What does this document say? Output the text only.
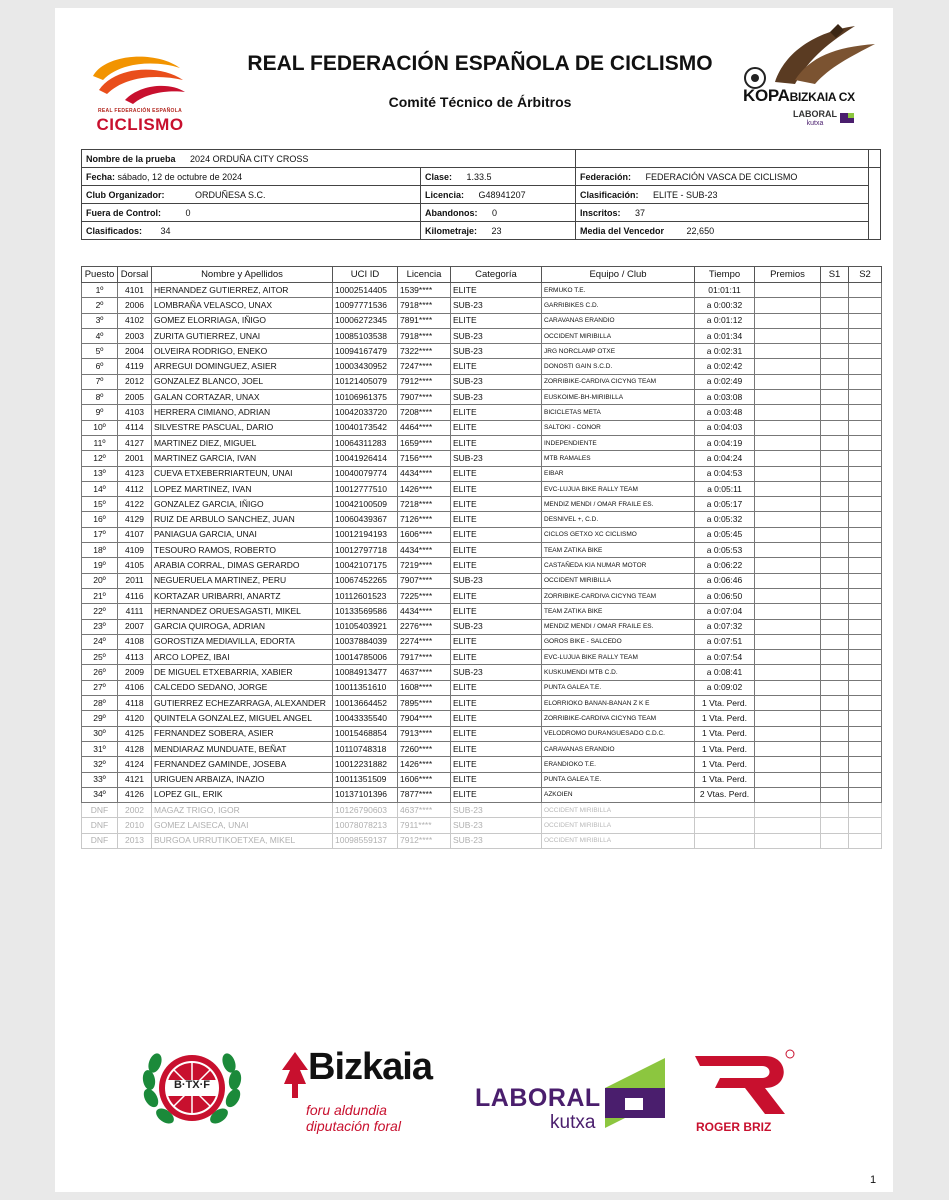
REAL FEDERACIÓN ESPAÑOLA
CICLISMO
REAL FEDERACIÓN ESPAÑOLA DE CICLISMO
Comité Técnico de Árbitros	KOPABIZKAIA CX
LABORAL
kutxa
Nombre de la prueba 2024 ORDUÑA CITY CROSS			
Fecha: sábado, 12 de octubre de 2024	Clase: 1.33.5	Federación: FEDERACIÓN VASCA DE CICLISMO	
Club Organizador: ORDUÑESA S.C.	Licencia: G48941207	Clasificación: ELITE - SUB-23	
Fuera de Control: 0	Abandonos: 0	Inscritos: 37	
Clasificados: 34	Kilometraje: 23	Media del Vencedor 22,650	
Puesto	Dorsal	Nombre y Apellidos	UCI ID	Licencia	Categoría	Equipo / Club	Tiempo	Premios	S1	S2
1º	4101	HERNANDEZ GUTIERREZ, AITOR	10002514405	1539****	ELITE	ERMUKO T.E.	01:01:11			
2º	2006	LOMBRAÑA VELASCO, UNAX	10097771536	7918****	SUB-23	GARRIBIKES C.D.	a 0:00:32			
3º	4102	GOMEZ ELORRIAGA, IÑIGO	10006272345	7891****	ELITE	CARAVANAS ERANDIO	a 0:01:12			
4º	2003	ZURITA GUTIERREZ, UNAI	10085103538	7918****	SUB-23	OCCIDENT MIRIBILLA	a 0:01:34			
5º	2004	OLVEIRA RODRIGO, ENEKO	10094167479	7322****	SUB-23	JRG NORCLAMP OTXE	a 0:02:31			
6º	4119	ARREGUI DOMINGUEZ, ASIER	10003430952	7247****	ELITE	DONOSTI GAIN S.C.D.	a 0:02:42			
7º	2012	GONZALEZ BLANCO, JOEL	10121405079	7912****	SUB-23	ZORRIBIKE-CARDIVA CICYNG TEAM	a 0:02:49			
8º	2005	GALAN CORTAZAR, UNAX	10106961375	7907****	SUB-23	EUSKOIME-BH-MIRIBILLA	a 0:03:08			
9º	4103	HERRERA CIMIANO, ADRIAN	10042033720	7208****	ELITE	BICICLETAS META	a 0:03:48			
10º	4114	SILVESTRE PASCUAL, DARIO	10040173542	4464****	ELITE	SALTOKI - CONOR	a 0:04:03			
11º	4127	MARTINEZ DIEZ, MIGUEL	10064311283	1659****	ELITE	INDEPENDIENTE	a 0:04:19			
12º	2001	MARTINEZ GARCIA, IVAN	10041926414	7156****	SUB-23	MTB RAMALES	a 0:04:24			
13º	4123	CUEVA ETXEBERRIARTEUN, UNAI	10040079774	4434****	ELITE	EIBAR	a 0:04:53			
14º	4112	LOPEZ MARTINEZ, IVAN	10012777510	1426****	ELITE	EVC-LUJUA BIKE RALLY TEAM	a 0:05:11			
15º	4122	GONZALEZ GARCIA, IÑIGO	10042100509	7218****	ELITE	MENDIZ MENDI / OMAR FRAILE ES.	a 0:05:17			
16º	4129	RUIZ DE ARBULO SANCHEZ, JUAN	10060439367	7126****	ELITE	DESNIVEL +, C.D.	a 0:05:32			
17º	4107	PANIAGUA GARCIA, UNAI	10012194193	1606****	ELITE	CICLOS GETXO XC CICLISMO	a 0:05:45			
18º	4109	TESOURO RAMOS, ROBERTO	10012797718	4434****	ELITE	TEAM ZATIKA BIKE	a 0:05:53			
19º	4105	ARABIA CORRAL, DIMAS GERARDO	10042107175	7219****	ELITE	CASTAÑEDA KIA NUMAR MOTOR	a 0:06:22			
20º	2011	NEGUERUELA MARTINEZ, PERU	10067452265	7907****	SUB-23	OCCIDENT MIRIBILLA	a 0:06:46			
21º	4116	KORTAZAR URIBARRI, ANARTZ	10112601523	7225****	ELITE	ZORRIBIKE-CARDIVA CICYNG TEAM	a 0:06:50			
22º	4111	HERNANDEZ ORUESAGASTI, MIKEL	10133569586	4434****	ELITE	TEAM ZATIKA BIKE	a 0:07:04			
23º	2007	GARCIA QUIROGA, ADRIAN	10105403921	2276****	SUB-23	MENDIZ MENDI / OMAR FRAILE ES.	a 0:07:32			
24º	4108	GOROSTIZA MEDIAVILLA, EDORTA	10037884039	2274****	ELITE	GOROS BIKE - SALCEDO	a 0:07:51			
25º	4113	ARCO LOPEZ, IBAI	10014785006	7917****	ELITE	EVC-LUJUA BIKE RALLY TEAM	a 0:07:54			
26º	2009	DE MIGUEL ETXEBARRIA, XABIER	10084913477	4637****	SUB-23	KUSKUMENDI MTB C.D.	a 0:08:41			
27º	4106	CALCEDO SEDANO, JORGE	10011351610	1608****	ELITE	PUNTA GALEA T.E.	a 0:09:02			
28º	4118	GUTIERREZ ECHEZARRAGA, ALEXANDER	10013664452	7895****	ELITE	ELORRIOKO BANAN-BANAN Z K E	1 Vta. Perd.			
29º	4120	QUINTELA GONZALEZ, MIGUEL ANGEL	10043335540	7904****	ELITE	ZORRIBIKE-CARDIVA CICYNG TEAM	1 Vta. Perd.			
30º	4125	FERNANDEZ SOBERA, ASIER	10015468854	7913****	ELITE	VELODROMO DURANGUESADO C.D.C.	1 Vta. Perd.			
31º	4128	MENDIARAZ MUNDUATE, BEÑAT	10110748318	7260****	ELITE	CARAVANAS ERANDIO	1 Vta. Perd.			
32º	4124	FERNANDEZ GAMINDE, JOSEBA	10012231882	1426****	ELITE	ERANDIOKO T.E.	1 Vta. Perd.			
33º	4121	URIGUEN ARBAIZA, INAZIO	10011351509	1606****	ELITE	PUNTA GALEA T.E.	1 Vta. Perd.			
34º	4126	LOPEZ GIL, ERIK	10137101396	7877****	ELITE	AZKOIEN	2 Vtas. Perd.			
DNF	2002	MAGAZ TRIGO, IGOR	10126790603	4637****	SUB-23	OCCIDENT MIRIBILLA				
DNF	2010	GOMEZ LAISECA, UNAI	10078078213	7911****	SUB-23	OCCIDENT MIRIBILLA				
DNF	2013	BURGOA URRUTIKOETXEA, MIKEL	10098559137	7912****	SUB-23	OCCIDENT MIRIBILLA				
B·TX·F	Bizkaia
foru aldundia
diputación foral
LABORAL
kutxa	ROGER BRIZ
1
